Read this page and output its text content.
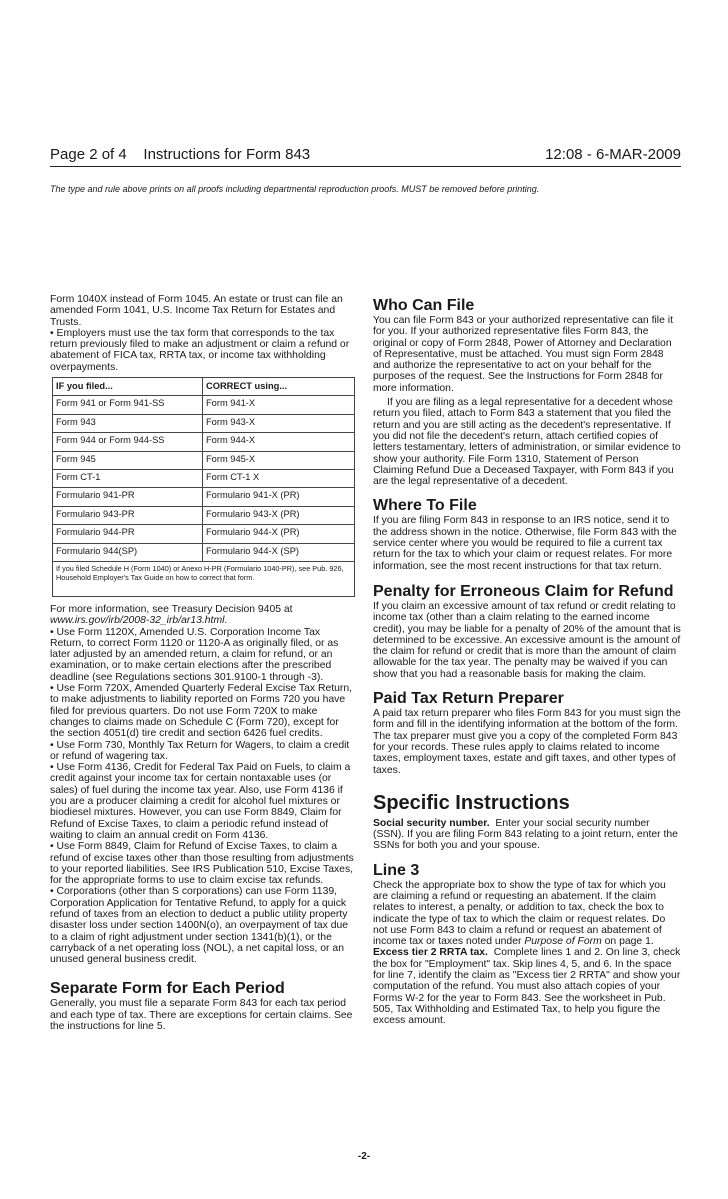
Page 2 of 4    Instructions for Form 843	12:08 - 6-MAR-2009
The type and rule above prints on all proofs including departmental reproduction proofs. MUST be removed before printing.

Form 1040X instead of Form 1045. An estate or trust can file an amended Form 1041, U.S. Income Tax Return for Estates and Trusts.

• Employers must use the tax form that corresponds to the tax return previously filed to make an adjustment or claim a refund or abatement of FICA tax, RRTA tax, or income tax withholding overpayments.

IF you filed...	CORRECT using...
Form 941 or Form 941-SS	Form 941-X
Form 943	Form 943-X
Form 944 or Form 944-SS	Form 944-X
Form 945	Form 945-X
Form CT-1	Form CT-1 X
Formulario 941-PR	Formulario 941-X (PR)
Formulario 943-PR	Formulario 943-X (PR)
Formulario 944-PR	Formulario 944-X (PR)
Formulario 944(SP)	Formulario 944-X (SP)
If you filed Schedule H (Form 1040) or Anexo H-PR (Formulario 1040-PR), see Pub. 926, Household Employer's Tax Guide on how to correct that form.	

For more information, see Treasury Decision 9405 at www.irs.gov/irb/2008-32_irb/ar13.html.

• Use Form 1120X, Amended U.S. Corporation Income Tax Return, to correct Form 1120 or 1120-A as originally filed, or as later adjusted by an amended return, a claim for refund, or an examination, or to make certain elections after the prescribed deadline (see Regulations sections 301.9100-1 through -3).

• Use Form 720X, Amended Quarterly Federal Excise Tax Return, to make adjustments to liability reported on Forms 720 you have filed for previous quarters. Do not use Form 720X to make changes to claims made on Schedule C (Form 720), except for the section 4051(d) tire credit and section 6426 fuel credits.

• Use Form 730, Monthly Tax Return for Wagers, to claim a credit or refund of wagering tax.

• Use Form 4136, Credit for Federal Tax Paid on Fuels, to claim a credit against your income tax for certain nontaxable uses (or sales) of fuel during the income tax year. Also, use Form 4136 if you are a producer claiming a credit for alcohol fuel mixtures or biodiesel mixtures. However, you can use Form 8849, Claim for Refund of Excise Taxes, to claim a periodic refund instead of waiting to claim an annual credit on Form 4136.

• Use Form 8849, Claim for Refund of Excise Taxes, to claim a refund of excise taxes other than those resulting from adjustments to your reported liabilities. See IRS Publication 510, Excise Taxes, for the appropriate forms to use to claim excise tax refunds.

• Corporations (other than S corporations) can use Form 1139, Corporation Application for Tentative Refund, to apply for a quick refund of taxes from an election to deduct a public utility property disaster loss under section 1400N(o), an overpayment of tax due to a claim of right adjustment under section 1341(b)(1), or the carryback of a net operating loss (NOL), a net capital loss, or an unused general business credit.

Separate Form for Each Period

Generally, you must file a separate Form 843 for each tax period and each type of tax. There are exceptions for certain claims. See the instructions for line 5.

Who Can File

You can file Form 843 or your authorized representative can file it for you. If your authorized representative files Form 843, the original or copy of Form 2848, Power of Attorney and Declaration of Representative, must be attached. You must sign Form 2848 and authorize the representative to act on your behalf for the purposes of the request. See the Instructions for Form 2848 for more information.

If you are filing as a legal representative for a decedent whose return you filed, attach to Form 843 a statement that you filed the return and you are still acting as the decedent's representative. If you did not file the decedent's return, attach certified copies of letters testamentary, letters of administration, or similar evidence to show your authority. File Form 1310, Statement of Person Claiming Refund Due a Deceased Taxpayer, with Form 843 if you are the legal representative of a decedent.

Where To File

If you are filing Form 843 in response to an IRS notice, send it to the address shown in the notice. Otherwise, file Form 843 with the service center where you would be required to file a current tax return for the tax to which your claim or request relates. For more information, see the most recent instructions for that tax return.

Penalty for Erroneous Claim for Refund

If you claim an excessive amount of tax refund or credit relating to income tax (other than a claim relating to the earned income credit), you may be liable for a penalty of 20% of the amount that is determined to be excessive. An excessive amount is the amount of the claim for refund or credit that is more than the amount of claim allowable for the tax year. The penalty may be waived if you can show that you had a reasonable basis for making the claim.

Paid Tax Return Preparer

A paid tax return preparer who files Form 843 for you must sign the form and fill in the identifying information at the bottom of the form. The tax preparer must give you a copy of the completed Form 843 for your records. These rules apply to claims related to income taxes, employment taxes, estate and gift taxes, and other types of taxes.

Specific Instructions

Social security number.  Enter your social security number (SSN). If you are filing Form 843 relating to a joint return, enter the SSNs for both you and your spouse.

Line 3

Check the appropriate box to show the type of tax for which you are claiming a refund or requesting an abatement. If the claim relates to interest, a penalty, or addition to tax, check the box to indicate the type of tax to which the claim or request relates. Do not use Form 843 to claim a refund or request an abatement of income tax or taxes noted under Purpose of Form on page 1.

Excess tier 2 RRTA tax.  Complete lines 1 and 2. On line 3, check the box for "Employment" tax. Skip lines 4, 5, and 6. In the space for line 7, identify the claim as "Excess tier 2 RRTA" and show your computation of the refund. You must also attach copies of your Forms W-2 for the year to Form 843. See the worksheet in Pub. 505, Tax Withholding and Estimated Tax, to help you figure the excess amount.

-2-
